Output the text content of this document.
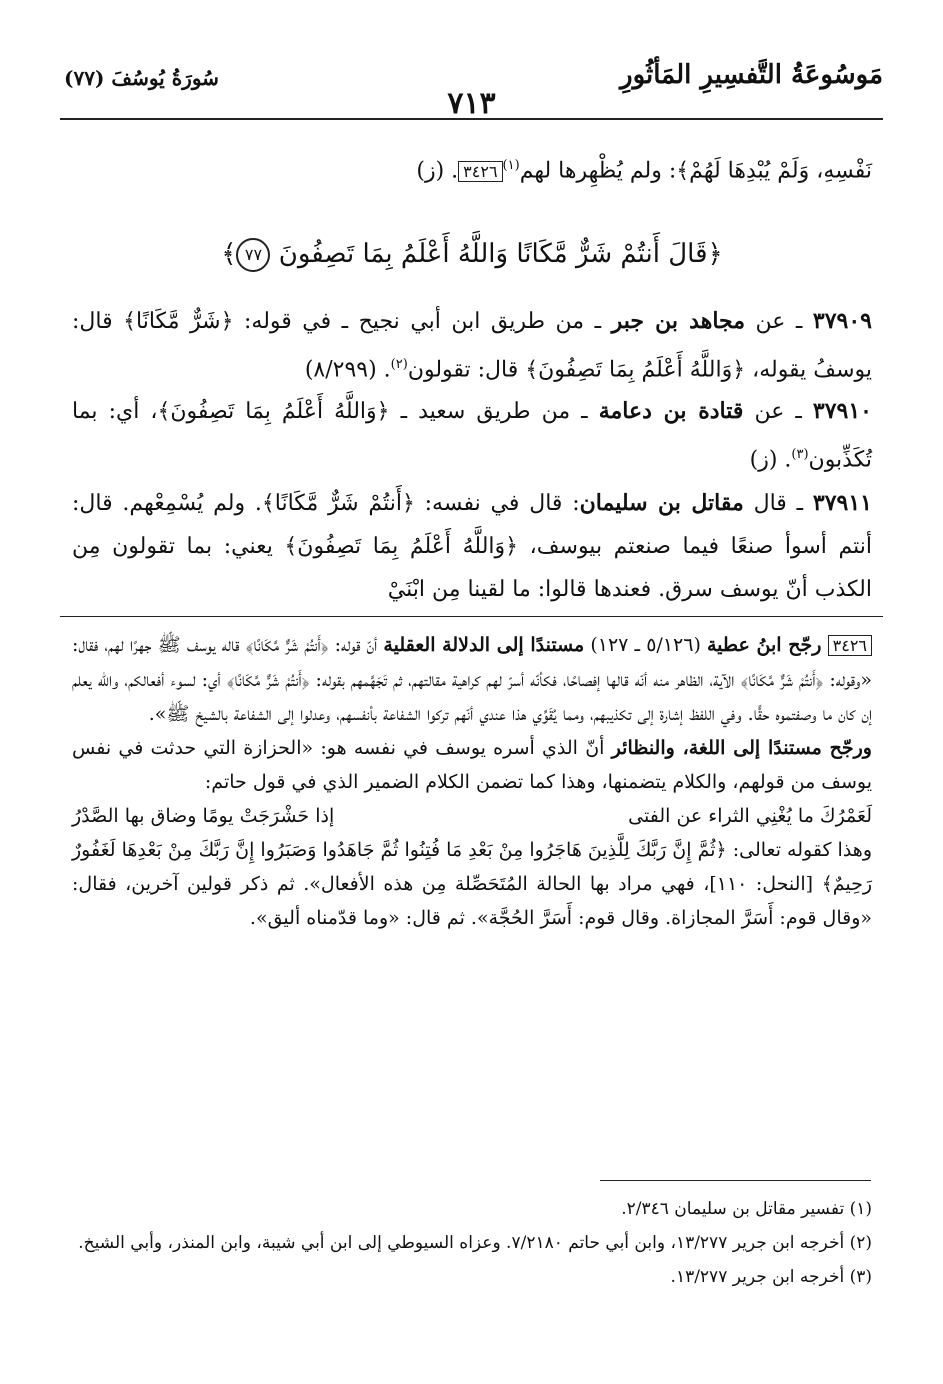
مَوسُوعَةُ التَّفسِيرِ المَأثُورِ
٧١٣
سُورَةُ يُوسُفَ (٧٧)
نَفْسِهِ، وَلَمْ يُبْدِهَا لَهُمْ﴾: ولم يُظْهِرها لهم$^{(١)}$٣٤٢٦. (ز)
﴿قَالَ أَنتُمْ شَرٌّ مَّكَانًا وَاللَّهُ أَعْلَمُ بِمَا تَصِفُونَ ٧٧﴾
٣٧٩٠٩ ـ عن مجاهد بن جبر ـ من طريق ابن أبي نجيح ـ في قوله: ﴿شَرٌّ مَّكَانًا﴾ قال: يوسفُ يقوله، ﴿وَاللَّهُ أَعْلَمُ بِمَا تَصِفُونَ﴾ قال: تقولون$^{(٢)}$. (٨/٢٩٩)
٣٧٩١٠ ـ عن قتادة بن دعامة ـ من طريق سعيد ـ ﴿وَاللَّهُ أَعْلَمُ بِمَا تَصِفُونَ﴾، أي: بما تُكَذِّبون$^{(٣)}$. (ز)
٣٧٩١١ ـ قال مقاتل بن سليمان: قال في نفسه: ﴿أَنتُمْ شَرٌّ مَّكَانًا﴾. ولم يُسْمِعْهم. قال: أنتم أسوأ صنعًا فيما صنعتم بيوسف، ﴿وَاللَّهُ أَعْلَمُ بِمَا تَصِفُونَ﴾ يعني: بما تقولون مِن الكذب أنّ يوسف سرق. فعندها قالوا: ما لقينا مِن ابْنَيْ

٣٤٢٦ رجّح ابنُ عطية (٥/١٢٦ ـ ١٢٧) مستندًا إلى الدلالة العقلية أنّ قوله: ﴿أَنتُمْ شَرٌّ مَّكَانًا﴾ قاله يوسف ﷺ جهرًا لهم، فقال: «وقوله: ﴿أَنتُمْ شَرٌّ مَّكَانًا﴾ الآية، الظاهر منه أنّه قالها إفصاحًا، فكأنّه أسرّ لهم كراهية مقالتهم، ثم تَجَهَّمهم بقوله: ﴿أَنتُمْ شَرٌّ مَّكَانًا﴾ أي: لسوء أفعالكم، والله يعلم إن كان ما وصفتموه حقًّا. وفي اللفظ إشارة إلى تكذيبهم، ومما يُقَوِّي هذا عندي أنّهم تركوا الشفاعة بأنفسهم، وعدلوا إلى الشفاعة بالشيخ ﷺ».

ورجّح مستندًا إلى اللغة، والنظائر أنّ الذي أسره يوسف في نفسه هو: «الحزازة التي حدثت في نفس يوسف من قولهم، والكلام يتضمنها، وهذا كما تضمن الكلام الضمير الذي في قول حاتم:

لَعَمْرُكَ ما يُغْنِي الثراء عن الفتى
إذا حَشْرَجَتْ يومًا وضاق بها الصَّدْرُ

وهذا كقوله تعالى: ﴿ثُمَّ إِنَّ رَبَّكَ لِلَّذِينَ هَاجَرُوا مِنْ بَعْدِ مَا فُتِنُوا ثُمَّ جَاهَدُوا وَصَبَرُوا إِنَّ رَبَّكَ مِنْ بَعْدِهَا لَغَفُورٌ رَحِيمٌ﴾ [النحل: ١١٠]، فهي مراد بها الحالة المُتَحَصِّلة مِن هذه الأفعال». ثم ذكر قولين آخرين، فقال: «وقال قوم: أَسَرَّ المجازاة. وقال قوم: أَسَرَّ الحُجَّة». ثم قال: «وما قدّمناه أليق».

(١) تفسير مقاتل بن سليمان ٢/٣٤٦.

(٢) أخرجه ابن جرير ١٣/٢٧٧، وابن أبي حاتم ٧/٢١٨٠. وعزاه السيوطي إلى ابن أبي شيبة، وابن المنذر، وأبي الشيخ.

(٣) أخرجه ابن جرير ١٣/٢٧٧.
